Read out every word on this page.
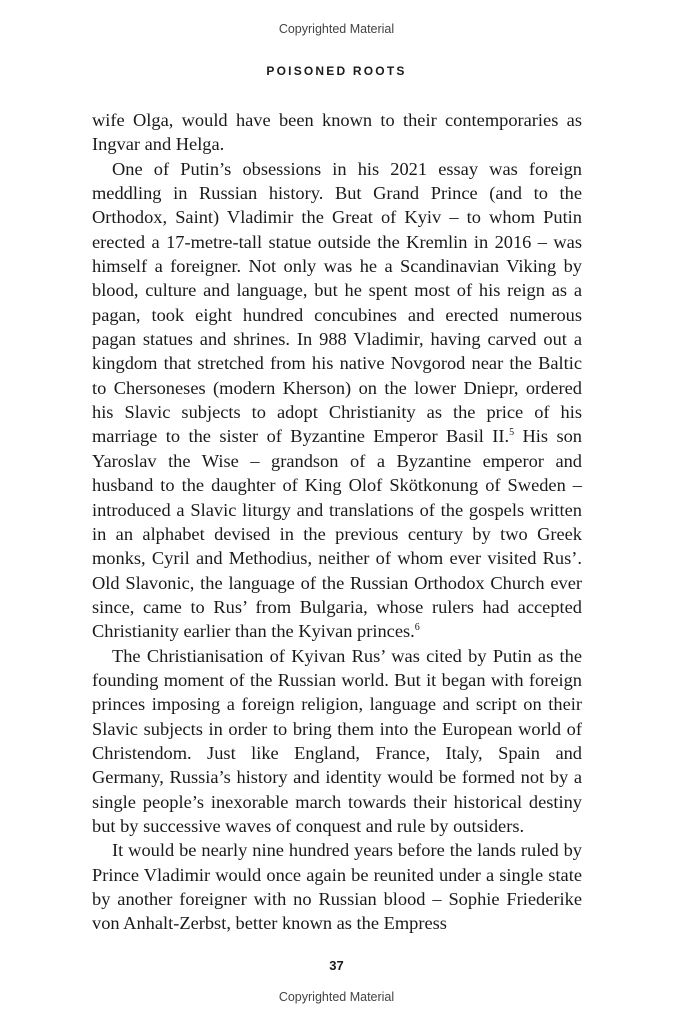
Copyrighted Material
POISONED ROOTS

wife Olga, would have been known to their contemporaries as Ingvar and Helga.

One of Putin’s obsessions in his 2021 essay was foreign meddling in Russian history. But Grand Prince (and to the Orthodox, Saint) Vladimir the Great of Kyiv – to whom Putin erected a 17-metre-tall statue outside the Kremlin in 2016 – was himself a foreigner. Not only was he a Scandinavian Viking by blood, culture and language, but he spent most of his reign as a pagan, took eight hundred concubines and erected numerous pagan statues and shrines. In 988 Vladimir, having carved out a kingdom that stretched from his native Novgorod near the Baltic to Chersoneses (modern Kherson) on the lower Dniepr, ordered his Slavic subjects to adopt Christianity as the price of his marriage to the sister of Byzantine Emperor Basil II.$^5$ His son Yaroslav the Wise – grandson of a Byzantine emperor and husband to the daughter of King Olof Skötkonung of Sweden – introduced a Slavic liturgy and translations of the gospels written in an alphabet devised in the previous century by two Greek monks, Cyril and Methodius, neither of whom ever visited Rus’. Old Slavonic, the language of the Russian Orthodox Church ever since, came to Rus’ from Bulgaria, whose rulers had accepted Christianity earlier than the Kyivan princes.$^6$

The Christianisation of Kyivan Rus’ was cited by Putin as the founding moment of the Russian world. But it began with foreign princes imposing a foreign religion, language and script on their Slavic subjects in order to bring them into the European world of Christendom. Just like England, France, Italy, Spain and Germany, Russia’s history and identity would be formed not by a single people’s inexorable march towards their historical destiny but by successive waves of conquest and rule by outsiders.

It would be nearly nine hundred years before the lands ruled by Prince Vladimir would once again be reunited under a single state by another foreigner with no Russian blood – Sophie Friederike von Anhalt-Zerbst, better known as the Empress

37
Copyrighted Material
